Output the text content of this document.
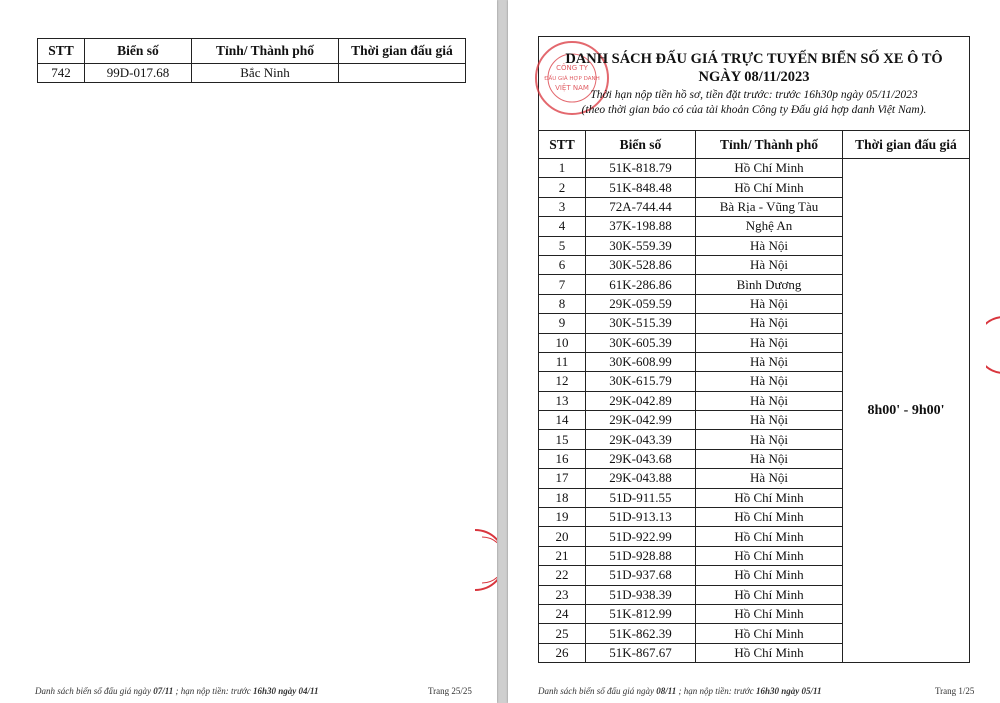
STT	Biển số	Tỉnh/ Thành phố	Thời gian đấu giá
742	99D-017.68	Bắc Ninh	
Danh sách biển số đấu giá ngày 07/11 ; hạn nộp tiền: trước 16h30 ngày 04/11	Trang 25/25
CÔNG TY
ĐẤU GIÁ HỢP DANH
VIỆT NAM
DANH SÁCH ĐẤU GIÁ TRỰC TUYẾN BIỂN SỐ XE Ô TÔ
NGÀY 08/11/2023
Thời hạn nộp tiền hồ sơ, tiền đặt trước: trước 16h30p ngày 05/11/2023
(theo thời gian báo có của tài khoản Công ty Đấu giá hợp danh Việt Nam).
STT	Biển số	Tỉnh/ Thành phố	Thời gian đấu giá
1	51K-818.79	Hồ Chí Minh	8h00' - 9h00'
2	51K-848.48	Hồ Chí Minh	
3	72A-744.44	Bà Rịa - Vũng Tàu	
4	37K-198.88	Nghệ An	
5	30K-559.39	Hà Nội	
6	30K-528.86	Hà Nội	
7	61K-286.86	Bình Dương	
8	29K-059.59	Hà Nội	
9	30K-515.39	Hà Nội	
10	30K-605.39	Hà Nội	
11	30K-608.99	Hà Nội	
12	30K-615.79	Hà Nội	
13	29K-042.89	Hà Nội	
14	29K-042.99	Hà Nội	
15	29K-043.39	Hà Nội	
16	29K-043.68	Hà Nội	
17	29K-043.88	Hà Nội	
18	51D-911.55	Hồ Chí Minh	
19	51D-913.13	Hồ Chí Minh	
20	51D-922.99	Hồ Chí Minh	
21	51D-928.88	Hồ Chí Minh	
22	51D-937.68	Hồ Chí Minh	
23	51D-938.39	Hồ Chí Minh	
24	51K-812.99	Hồ Chí Minh	
25	51K-862.39	Hồ Chí Minh	
26	51K-867.67	Hồ Chí Minh	
Danh sách biển số đấu giá ngày 08/11 ; hạn nộp tiền: trước 16h30 ngày 05/11	Trang 1/25
